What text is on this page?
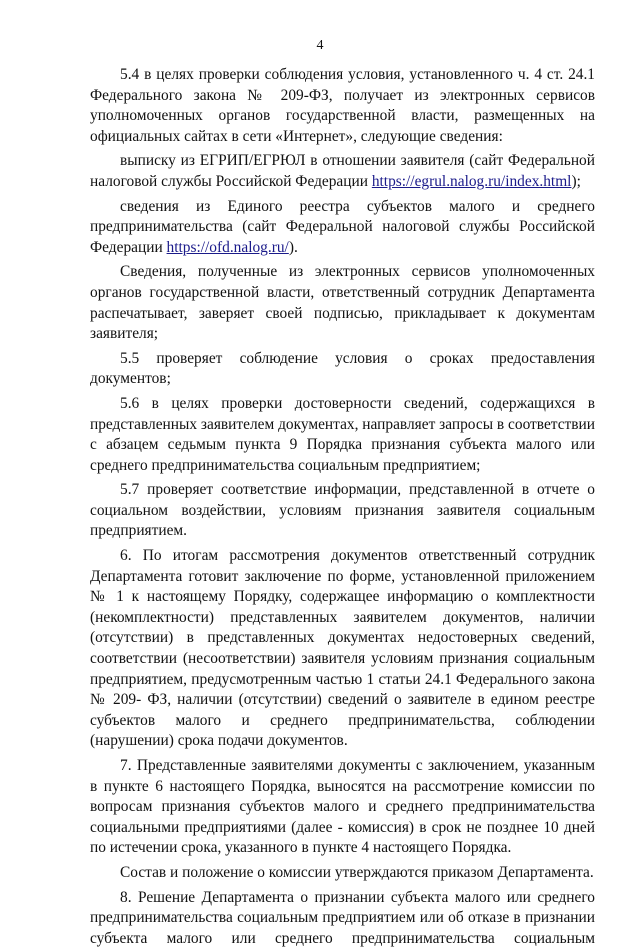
4

5.4 в целях проверки соблюдения условия, установленного ч. 4 ст. 24.1 Федерального закона № 209-ФЗ, получает из электронных сервисов уполномоченных органов государственной власти, размещенных на официальных сайтах в сети «Интернет», следующие сведения:

выписку из ЕГРИП/ЕГРЮЛ в отношении заявителя (сайт Федеральной налоговой службы Российской Федерации https://egrul.nalog.ru/index.html);

сведения из Единого реестра субъектов малого и среднего предпринимательства (сайт Федеральной налоговой службы Российской Федерации https://ofd.nalog.ru/).

Сведения, полученные из электронных сервисов уполномоченных органов государственной власти, ответственный сотрудник Департамента распечатывает, заверяет своей подписью, прикладывает к документам заявителя;

5.5 проверяет соблюдение условия о сроках предоставления документов;

5.6 в целях проверки достоверности сведений, содержащихся в представленных заявителем документах, направляет запросы в соответствии с абзацем седьмым пункта 9 Порядка признания субъекта малого или среднего предпринимательства социальным предприятием;

5.7 проверяет соответствие информации, представленной в отчете о социальном воздействии, условиям признания заявителя социальным предприятием.

6. По итогам рассмотрения документов ответственный сотрудник Департамента готовит заключение по форме, установленной приложением № 1 к настоящему Порядку, содержащее информацию о комплектности (некомплектности) представленных заявителем документов, наличии (отсутствии) в представленных документах недостоверных сведений, соответствии (несоответствии) заявителя условиям признания социальным предприятием, предусмотренным частью 1 статьи 24.1 Федерального закона № 209- ФЗ, наличии (отсутствии) сведений о заявителе в едином реестре субъектов малого и среднего предпринимательства, соблюдении (нарушении) срока подачи документов.

7. Представленные заявителями документы с заключением, указанным в пункте 6 настоящего Порядка, выносятся на рассмотрение комиссии по вопросам признания субъектов малого и среднего предпринимательства социальными предприятиями (далее - комиссия) в срок не позднее 10 дней по истечении срока, указанного в пункте 4 настоящего Порядка.

Состав и положение о комиссии утверждаются приказом Департамента.

8. Решение Департамента о признании субъекта малого или среднего предпринимательства социальным предприятием или об отказе в признании субъекта малого или среднего предпринимательства социальным
